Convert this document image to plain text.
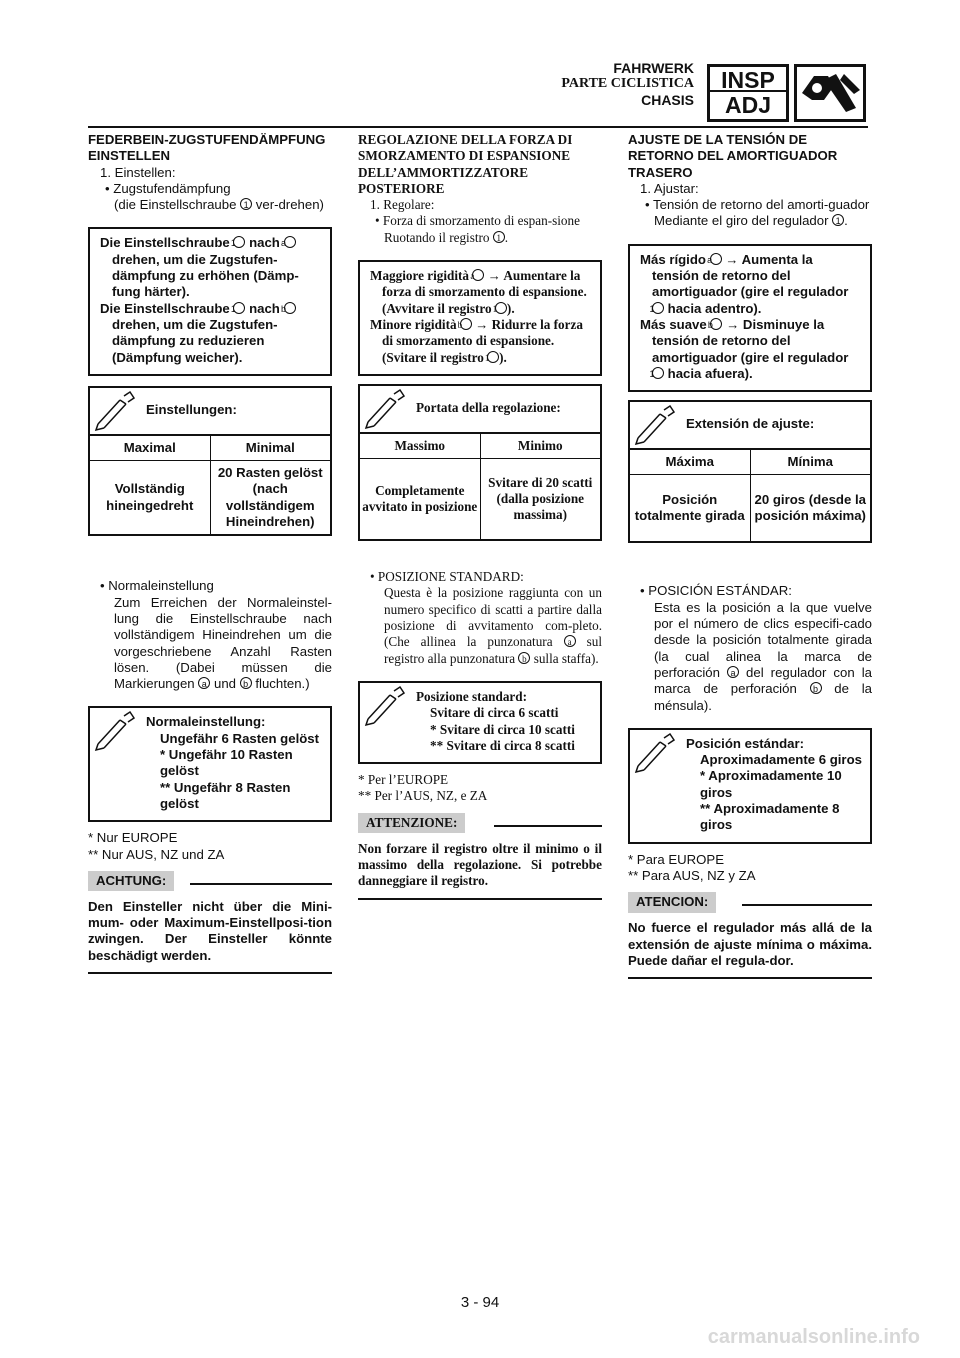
FAHRWERK
PARTE CICLISTICA
CHASIS
INSP
ADJ

FEDERBEIN-ZUGSTUFENDÄMPFUNG EINSTELLEN

1. Einstellen:

• Zugstufendämpfung

(die Einstellschraube 1 ver-drehen)

Die Einstellschraube 1 nach a drehen, um die Zugstufen-dämpfung zu erhöhen (Dämp-fung härter).

Die Einstellschraube 1 nach b drehen, um die Zugstufen-dämpfung zu reduzieren (Dämpfung weicher).

Einstellungen:
Maximal	Minimal
Vollständig hineingedreht	20 Rasten gelöst (nach vollständigem Hineindrehen)

• Normaleinstellung

Zum Erreichen der Normaleinstel-lung die Einstellschraube nach vollständigem Hineindrehen um die vorgeschriebene Anzahl Rasten lösen. (Dabei müssen die Markierungen a und b fluchten.)

Normaleinstellung:

Ungefähr 6 Rasten gelöst

* Ungefähr 10 Rasten gelöst

** Ungefähr 8 Rasten gelöst

* Nur EUROPE

** Nur AUS, NZ und ZA

ACHTUNG:

Den Einsteller nicht über die Mini-mum- oder Maximum-Einstellposi-tion zwingen. Der Einsteller könnte beschädigt werden.

REGOLAZIONE DELLA FORZA DI SMORZAMENTO DI ESPANSIONE DELL’AMMORTIZZATORE POSTERIORE

1. Regolare:

• Forza di smorzamento di espan-sione

Ruotando il registro 1 .

Maggiore rigidità a → Aumentare la forza di smorzamento di espansione. (Avvitare il registro 1 ).

Minore rigidità b → Ridurre la forza di smorzamento di espansione. (Svitare il registro 1 ).

Portata della regolazione:
Massimo	Minimo
Completamente avvitato in posizione	Svitare di 20 scatti (dalla posizione massima)

• POSIZIONE STANDARD:

Questa è la posizione raggiunta con un numero specifico di scatti a partire dalla posizione di avvitamento com-pleto. (Che allinea la punzonatura a sul registro alla punzonatura b sulla staffa).

Posizione standard:

Svitare di circa 6 scatti

* Svitare di circa 10 scatti

** Svitare di circa 8 scatti

* Per l’EUROPE

** Per l’AUS, NZ, e ZA

ATTENZIONE:

Non forzare il registro oltre il minimo o il massimo della regolazione. Si potrebbe danneggiare il registro.

AJUSTE DE LA TENSIÓN DE RETORNO DEL AMORTIGUADOR TRASERO

1. Ajustar:

• Tensión de retorno del amorti-guador

Mediante el giro del regulador 1 .

Más rígido a → Aumenta la tensión de retorno del amortiguador (gire el regulador 1 hacia adentro).

Más suave b → Disminuye la tensión de retorno del amortiguador (gire el regulador 1 hacia afuera).

Extensión de ajuste:
Máxima	Mínima
Posición totalmente girada	20 giros (desde la posición máxima)

• POSICIÓN ESTÁNDAR:

Esta es la posición a la que vuelve por el número de clics especifi-cado desde la posición totalmente girada (la cual alinea la marca de perforación a del regulador con la marca de perforación b de la ménsula).

Posición estándar:

Aproximadamente 6 giros

* Aproximadamente 10 giros

** Aproximadamente 8 giros

* Para EUROPE

** Para AUS, NZ y ZA

ATENCION:

No fuerce el regulador más allá de la extensión de ajuste mínima o máxima. Puede dañar el regula-dor.

3 - 94
carmanualsonline.info
